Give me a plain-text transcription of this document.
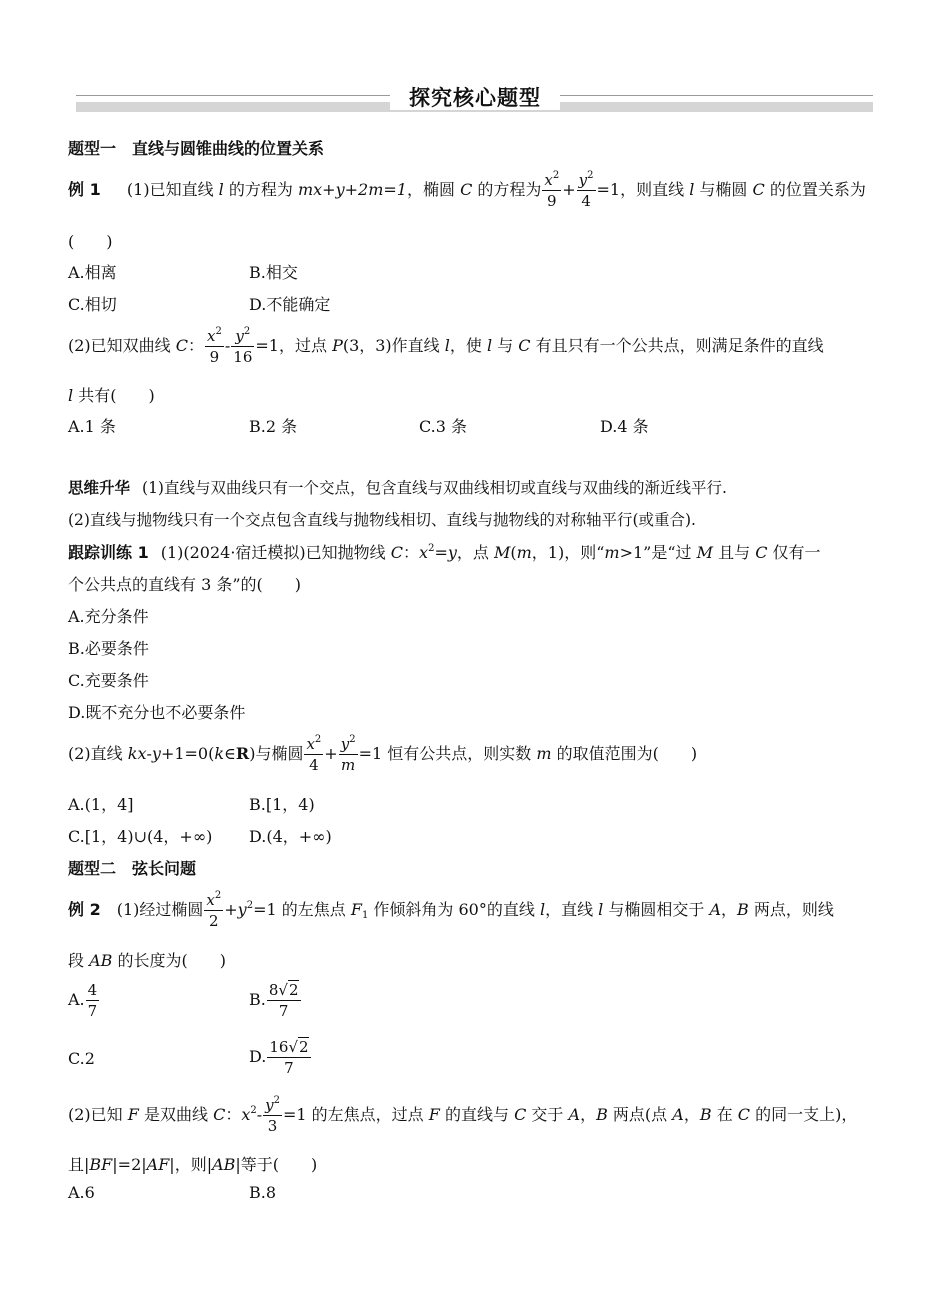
探究核心题型
题型一　直线与圆锥曲线的位置关系
例 1 (1)已知直线 l 的方程为 mx+y+2m=1，椭圆 C 的方程为 $\frac{x^2}{9} + \frac{y^2}{4} =1$，则直线 l 与椭圆 C 的位置关系为
(　　)
A.相离	B.相交
C.相切	D.不能确定
(2)已知双曲线 C： $\frac{x^2}{9} - \frac{y^2}{16} =1$，过点 P(3，3)作直线 l，使 l 与 C 有且只有一个公共点，则满足条件的直线
l 共有(　　)
A.1 条	B.2 条	C.3 条	D.4 条
思维升华 (1)直线与双曲线只有一个交点，包含直线与双曲线相切或直线与双曲线的渐近线平行.
(2)直线与抛物线只有一个交点包含直线与抛物线相切、直线与抛物线的对称轴平行(或重合).
跟踪训练 1 (1)(2024·宿迁模拟)已知抛物线 C：$x^2=y$，点 M(m，1)，则“m>1”是“过 M 且与 C 仅有一
个公共点的直线有 3 条”的(　　)
A.充分条件
B.必要条件
C.充要条件
D.既不充分也不必要条件
(2)直线 kx-y+1=0(k∈R)与椭圆 $\frac{x^2}{4} + \frac{y^2}{m} =1$ 恒有公共点，则实数 m 的取值范围为(　　)
A.(1，4]	B.[1，4)
C.[1，4)∪(4，+∞) D.(4，+∞)
题型二　弦长问题
例 2 (1)经过椭圆 $\frac{x^2}{2} +y^2=1$ 的左焦点 $F_1$ 作倾斜角为 60°的直线 l，直线 l 与椭圆相交于 A，B 两点，则线
段 AB 的长度为(　　)
A. $\frac{4}{7}$	B. $\frac{8√2}{7}$
C.2	D. $\frac{16√2}{7}$
(2)已知 F 是双曲线 C：$x^2- \frac{y^2}{3} =1$ 的左焦点，过点 F 的直线与 C 交于 A，B 两点(点 A，B 在 C 的同一支上)，
且|BF|=2|AF|，则|AB|等于(　　)
A.6	B.8
